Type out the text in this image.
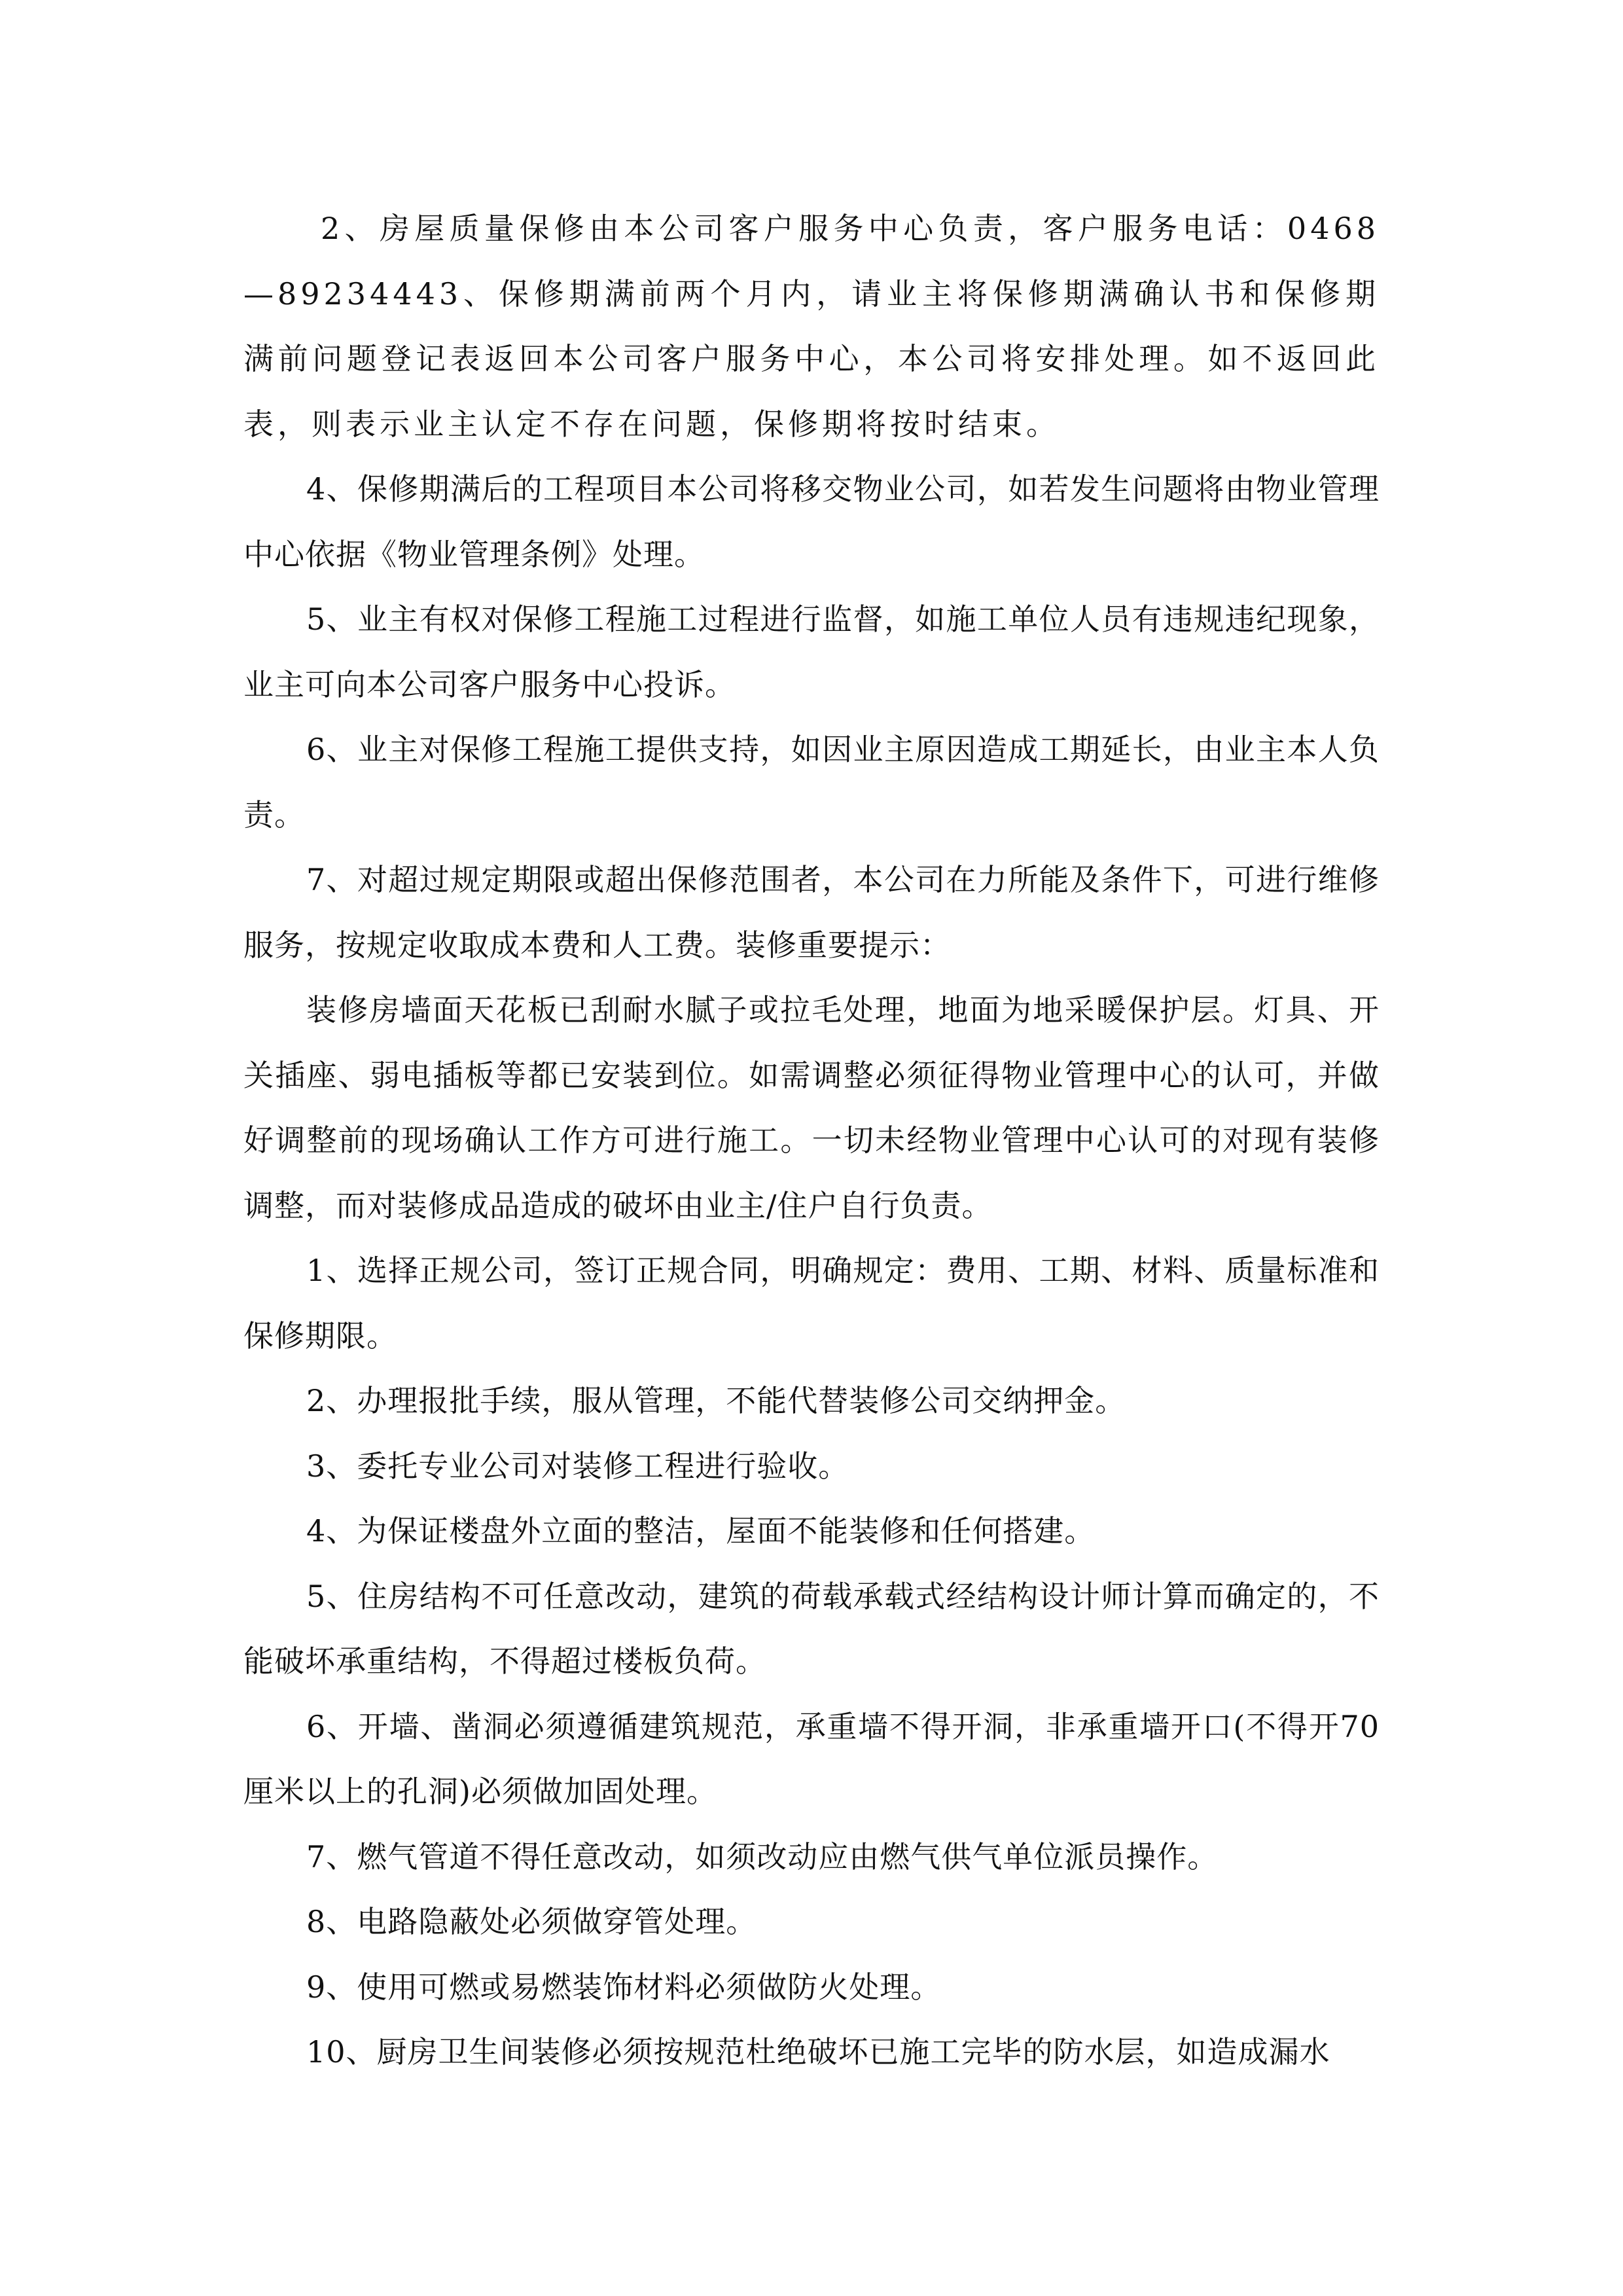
2、房屋质量保修由本公司客户服务中心负责，客户服务电话：0468—89234443、保修期满前两个月内，请业主将保修期满确认书和保修期满前问题登记表返回本公司客户服务中心，本公司将安排处理。如不返回此表，则表示业主认定不存在问题，保修期将按时结束。

4、保修期满后的工程项目本公司将移交物业公司，如若发生问题将由物业管理中心依据《物业管理条例》处理。

5、业主有权对保修工程施工过程进行监督，如施工单位人员有违规违纪现象，业主可向本公司客户服务中心投诉。

6、业主对保修工程施工提供支持，如因业主原因造成工期延长，由业主本人负责。

7、对超过规定期限或超出保修范围者，本公司在力所能及条件下，可进行维修服务，按规定收取成本费和人工费。装修重要提示：

装修房墙面天花板已刮耐水腻子或拉毛处理，地面为地采暖保护层。灯具、开关插座、弱电插板等都已安装到位。如需调整必须征得物业管理中心的认可，并做好调整前的现场确认工作方可进行施工。一切未经物业管理中心认可的对现有装修调整，而对装修成品造成的破坏由业主/住户自行负责。

1、选择正规公司，签订正规合同，明确规定：费用、工期、材料、质量标准和保修期限。

2、办理报批手续，服从管理，不能代替装修公司交纳押金。

3、委托专业公司对装修工程进行验收。

4、为保证楼盘外立面的整洁，屋面不能装修和任何搭建。

5、住房结构不可任意改动，建筑的荷载承载式经结构设计师计算而确定的，不能破坏承重结构，不得超过楼板负荷。

6、开墙、凿洞必须遵循建筑规范，承重墙不得开洞，非承重墙开口(不得开70厘米以上的孔洞)必须做加固处理。

7、燃气管道不得任意改动，如须改动应由燃气供气单位派员操作。

8、电路隐蔽处必须做穿管处理。

9、使用可燃或易燃装饰材料必须做防火处理。

10、厨房卫生间装修必须按规范杜绝破坏已施工完毕的防水层，如造成漏水
